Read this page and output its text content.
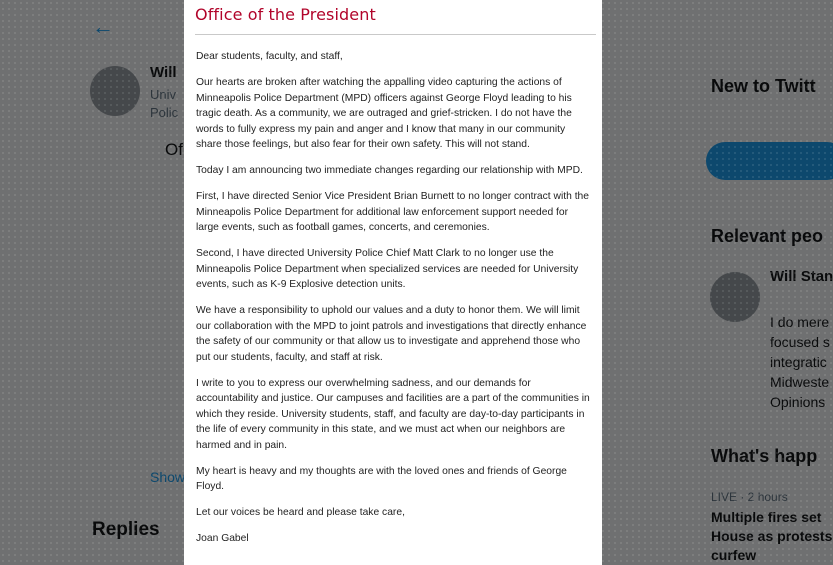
Office of the President

Dear students, faculty, and staff,

Our hearts are broken after watching the appalling video capturing the actions of Minneapolis Police Department (MPD) officers against George Floyd leading to his tragic death. As a community, we are outraged and grief-stricken. I do not have the words to fully express my pain and anger and I know that many in our community share those feelings, but also fear for their own safety. This will not stand.

Today I am announcing two immediate changes regarding our relationship with MPD.

First, I have directed Senior Vice President Brian Burnett to no longer contract with the Minneapolis Police Department for additional law enforcement support needed for large events, such as football games, concerts, and ceremonies.

Second, I have directed University Police Chief Matt Clark to no longer use the Minneapolis Police Department when specialized services are needed for University events, such as K-9 Explosive detection units.

We have a responsibility to uphold our values and a duty to honor them. We will limit our collaboration with the MPD to joint patrols and investigations that directly enhance the safety of our community or that allow us to investigate and apprehend those who put our students, faculty, and staff at risk.

I write to you to express our overwhelming sadness, and our demands for accountability and justice. Our campuses and facilities are a part of the communities in which they reside. University students, staff, and faculty are day-to-day participants in the life of every community in this state, and we must act when our neighbors are harmed and in pain.

My heart is heavy and my thoughts are with the loved ones and friends of George Floyd.

Let our voices be heard and please take care,

Joan Gabel
